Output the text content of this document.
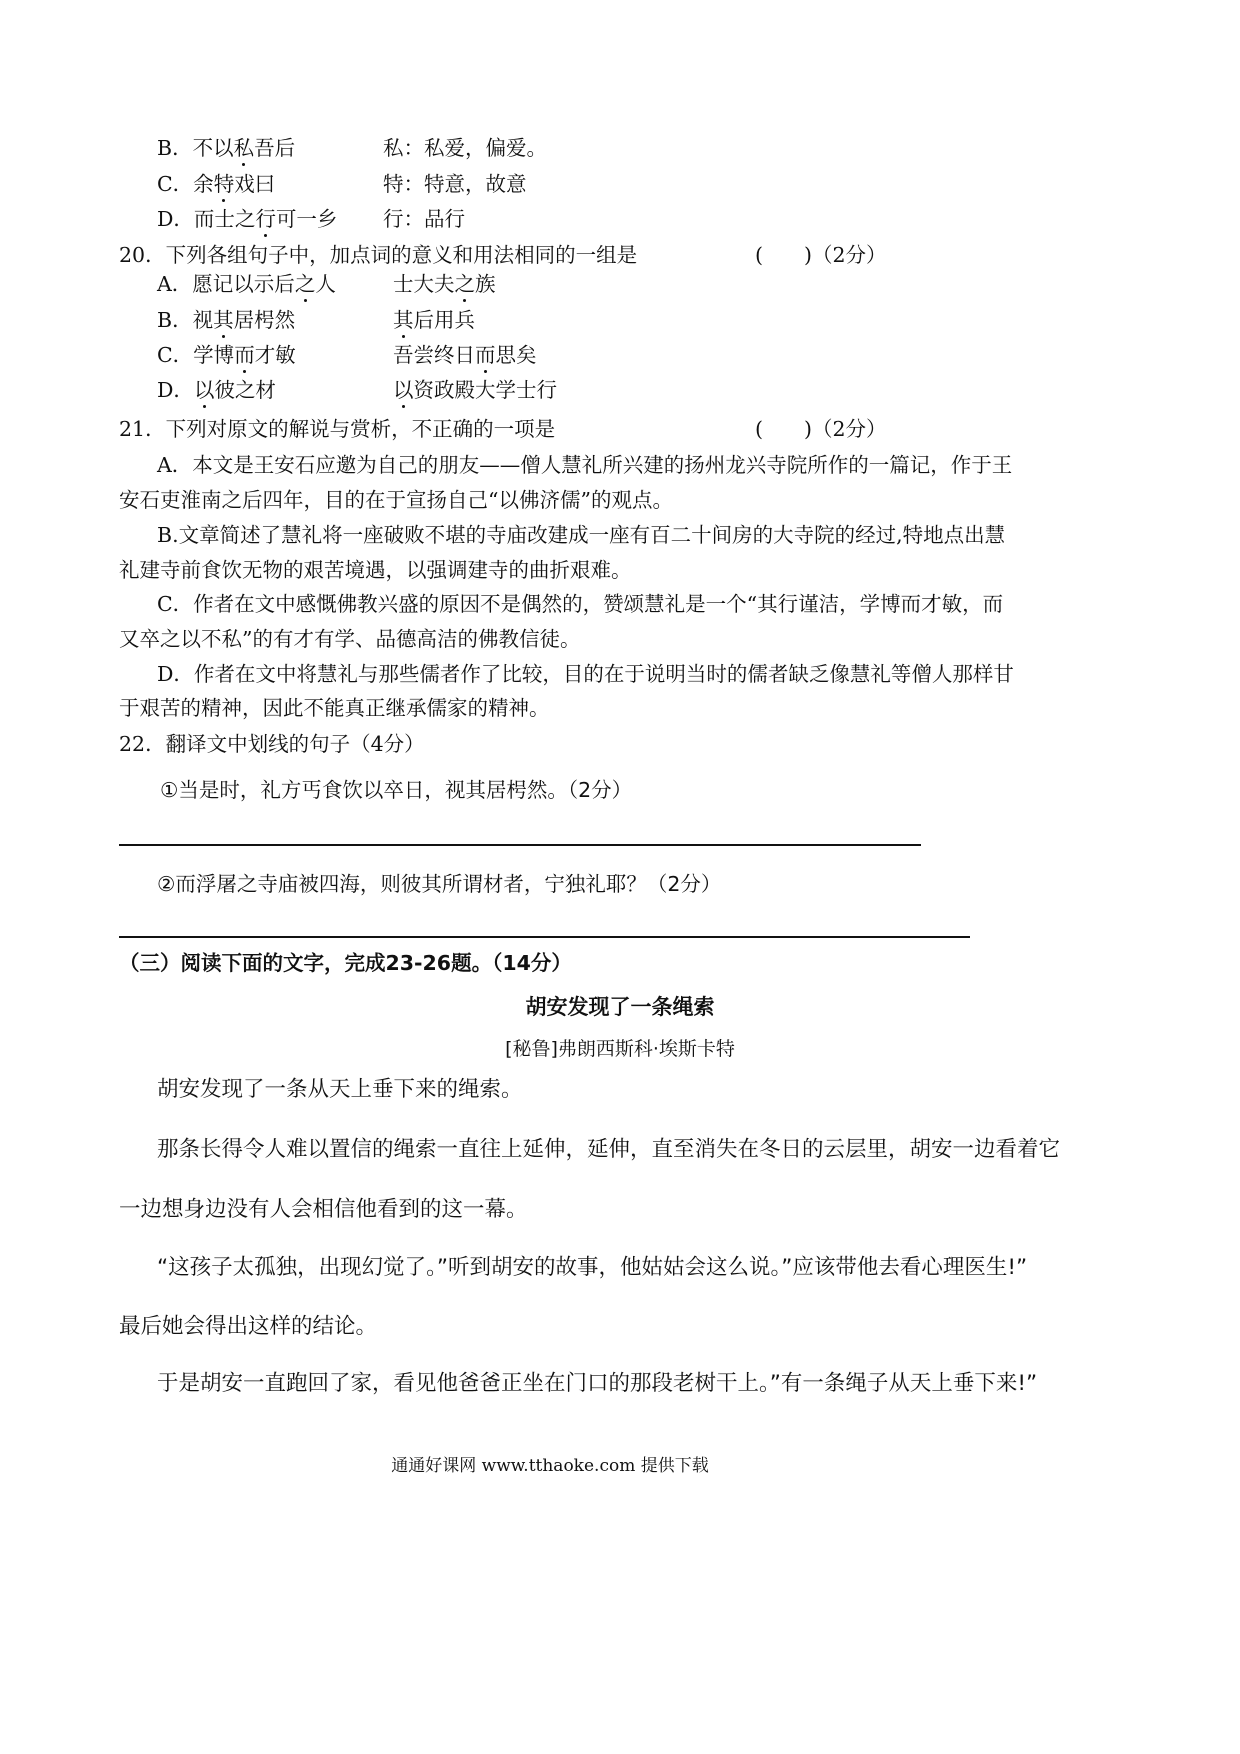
B．不以私吾后	私：私爱，偏爱。
C．余特戏曰	特：特意，故意
D．而士之行可一乡 行：品行
20．下列各组句子中，加点词的意义和用法相同的一组是	(　　)（2分）
A．愿记以示后之人	士大夫之族
B．视其居枵然	其后用兵
C．学博而才敏	吾尝终日而思矣
D．以彼之材	以资政殿大学士行
21．下列对原文的解说与赏析，不正确的一项是	(　　)（2分）
A．本文是王安石应邀为自己的朋友——僧人慧礼所兴建的扬州龙兴寺院所作的一篇记，作于王
安石吏淮南之后四年，目的在于宣扬自己“以佛济儒”的观点。
B.文章简述了慧礼将一座破败不堪的寺庙改建成一座有百二十间房的大寺院的经过,特地点出慧
礼建寺前食饮无物的艰苦境遇，以强调建寺的曲折艰难。
C．作者在文中感慨佛教兴盛的原因不是偶然的，赞颂慧礼是一个“其行谨洁，学博而才敏，而
又卒之以不私”的有才有学、品德高洁的佛教信徒。
D．作者在文中将慧礼与那些儒者作了比较，目的在于说明当时的儒者缺乏像慧礼等僧人那样甘
于艰苦的精神，因此不能真正继承儒家的精神。
22．翻译文中划线的句子（4分）
①当是时，礼方丐食饮以卒日，视其居枵然。（2分）
②而浮屠之寺庙被四海，则彼其所谓材者，宁独礼耶？（2分）
（三）阅读下面的文字，完成23-26题。（14分）
胡安发现了一条绳索
[秘鲁]弗朗西斯科·埃斯卡特
胡安发现了一条从天上垂下来的绳索。
那条长得令人难以置信的绳索一直往上延伸，延伸，直至消失在冬日的云层里，胡安一边看着它
一边想身边没有人会相信他看到的这一幕。
“这孩子太孤独，出现幻觉了。”听到胡安的故事，他姑姑会这么说。”应该带他去看心理医生!”
最后她会得出这样的结论。
于是胡安一直跑回了家，看见他爸爸正坐在门口的那段老树干上。”有一条绳子从天上垂下来!”
通通好课网 www.tthaoke.com 提供下载
